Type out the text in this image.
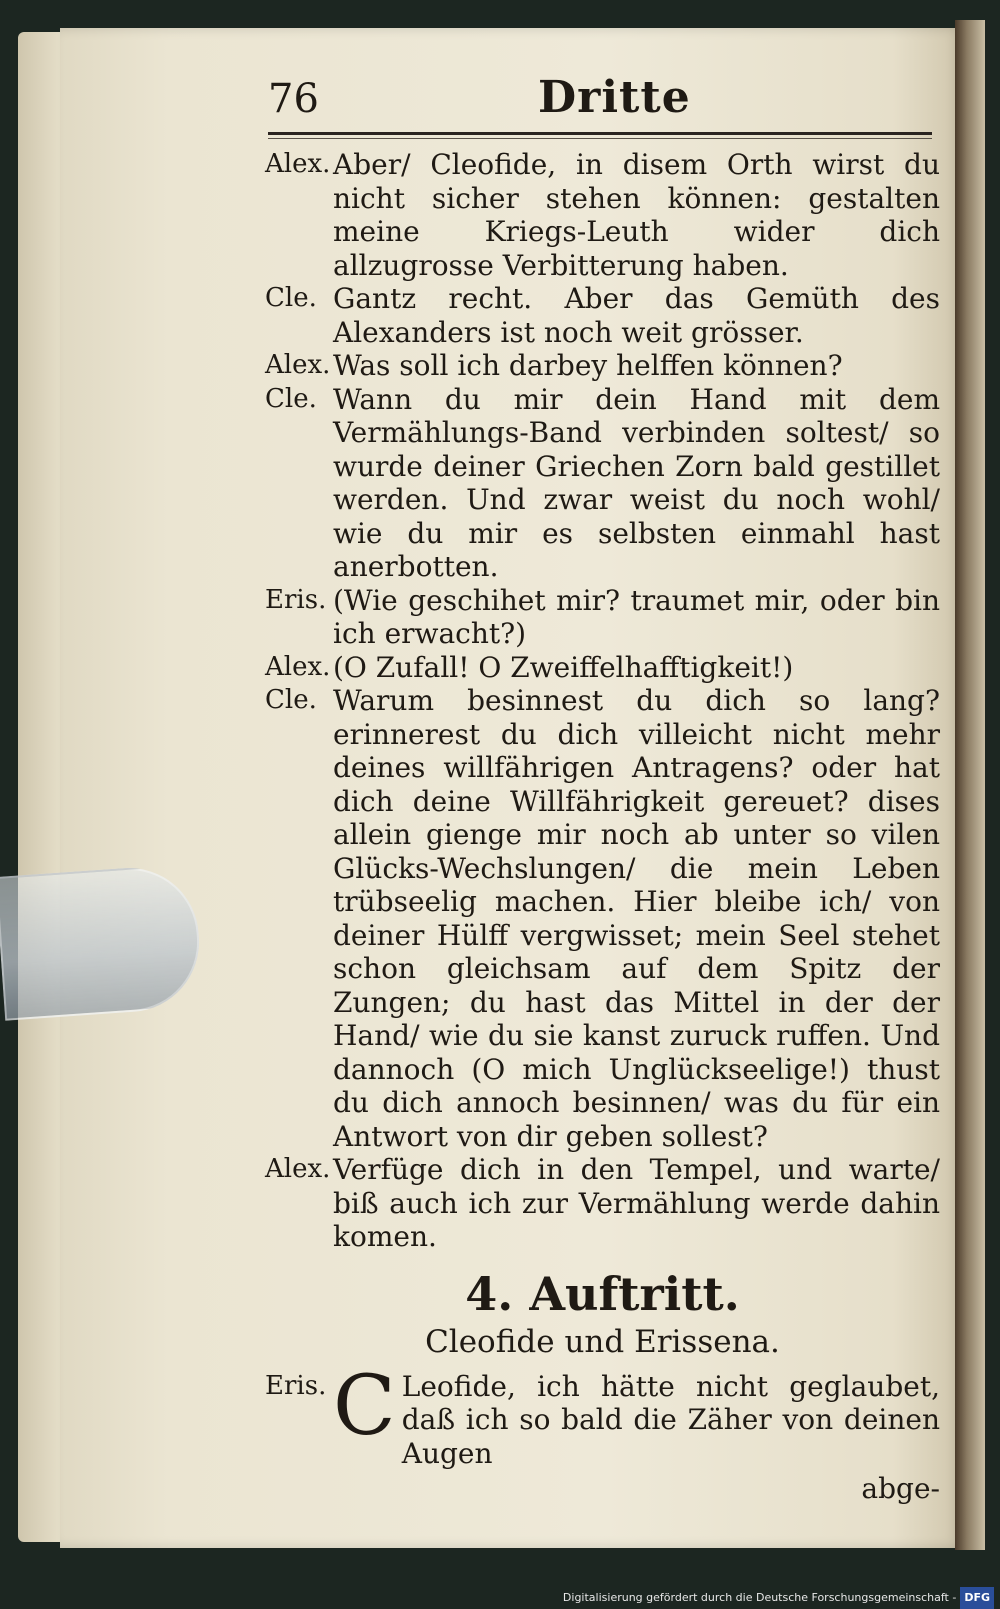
76	Dritte
Alex. Aber/ Cleofide, in disem Orth wirst du nicht sicher stehen können: gestalten meine Kriegs-Leuth wider dich allzugrosse Verbitterung haben.
Cle. Gantz recht. Aber das Gemüth des Alexanders ist noch weit grösser.
Alex. Was soll ich darbey helffen können?
Cle. Wann du mir dein Hand mit dem Vermählungs-Band verbinden soltest/ so wurde deiner Griechen Zorn bald gestillet werden. Und zwar weist du noch wohl/ wie du mir es selbsten einmahl hast anerbotten.
Eris. (Wie geschihet mir? traumet mir, oder bin ich erwacht?)
Alex. (O Zufall! O Zweiffelhafftigkeit!)
Cle. Warum besinnest du dich so lang? erinnerest du dich villeicht nicht mehr deines willfährigen Antragens? oder hat dich deine Willfährigkeit gereuet? dises allein gienge mir noch ab unter so vilen Glücks-Wechslungen/ die mein Leben trübseelig machen. Hier bleibe ich/ von deiner Hülff vergwisset; mein Seel stehet schon gleichsam auf dem Spitz der Zungen; du hast das Mittel in der der Hand/ wie du sie kanst zuruck ruffen. Und dannoch (O mich Unglückseelige!) thust du dich annoch besinnen/ was du für ein Antwort von dir geben sollest?
Alex. Verfüge dich in den Tempel, und warte/ biß auch ich zur Vermählung werde dahin komen.
4. Auftritt.
Cleofide und Erissena.
Eris. C Leofide, ich hätte nicht geglaubet, daß ich so bald die Zäher von deinen Augen
abge-
Digitalisierung gefördert durch die Deutsche Forschungsgemeinschaft - DFG
